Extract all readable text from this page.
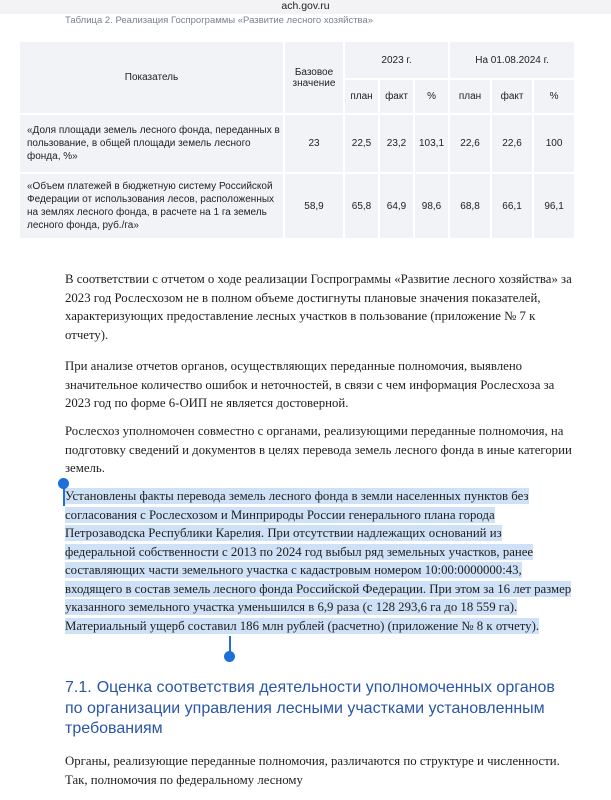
ach.gov.ru
Таблица 2. Реализация Госпрограммы «Развитие лесного хозяйства»
Показатель	Базовое значение	2023 г.			На 01.08.2024 г.		
		план	факт	%	план	факт	%
«Доля площади земель лесного фонда, переданных в пользование, в общей площади земель лесного фонда, %»	23	22,5	23,2	103,1	22,6	22,6	100
«Объем платежей в бюджетную систему Российской Федерации от использования лесов, расположенных на землях лесного фонда, в расчете на 1 га земель лесного фонда, руб./га»	58,9	65,8	64,9	98,6	68,8	66,1	96,1

В соответствии с отчетом о ходе реализации Госпрограммы «Развитие лесного хозяйства» за 2023 год Рослесхозом не в полном объеме достигнуты плановые значения показателей, характеризующих предоставление лесных участков в пользование (приложение № 7 к отчету).

При анализе отчетов органов, осуществляющих переданные полномочия, выявлено значительное количество ошибок и неточностей, в связи с чем информация Рослесхоза за 2023 год по форме 6-ОИП не является достоверной.

Рослесхоз уполномочен совместно с органами, реализующими переданные полномочия, на подготовку сведений и документов в целях перевода земель лесного фонда в иные категории земель.

Установлены факты перевода земель лесного фонда в земли населенных пунктов без согласования с Рослесхозом и Минприроды России генерального плана города Петрозаводска Республики Карелия. При отсутствии надлежащих оснований из федеральной собственности с 2013 по 2024 год выбыл ряд земельных участков, ранее составляющих части земельного участка с кадастровым номером 10:00:0000000:43, входящего в состав земель лесного фонда Российской Федерации. При этом за 16 лет размер указанного земельного участка уменьшился в 6,9 раза (с 128 293,6 га до 18 559 га). Материальный ущерб составил 186 млн рублей (расчетно) (приложение № 8 к отчету).

7.1. Оценка соответствия деятельности уполномоченных органов по организации управления лесными участками установленным требованиям

Органы, реализующие переданные полномочия, различаются по структуре и численности. Так, полномочия по федеральному лесному
